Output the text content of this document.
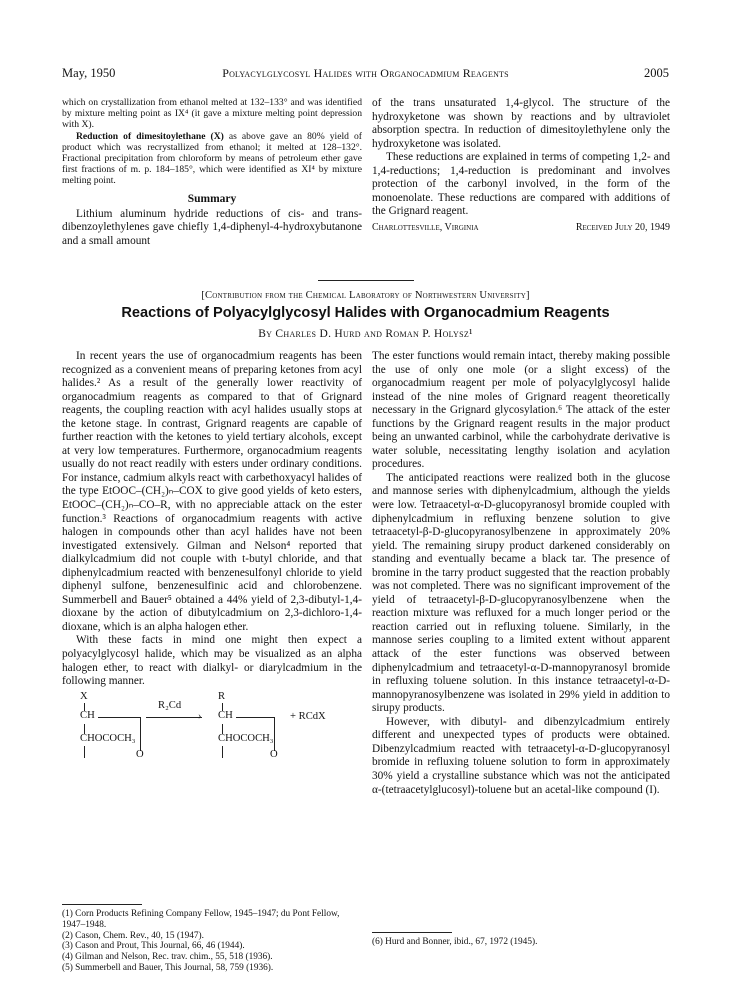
May, 1950	Polyacylglycosyl Halides with Organocadmium Reagents	2005

which on crystallization from ethanol melted at 132–133° and was identified by mixture melting point as IX⁴ (it gave a mixture melting point depression with X).

Reduction of dimesitoylethane (X) as above gave an 80% yield of product which was recrystallized from ethanol; it melted at 128–132°. Fractional precipitation from chloroform by means of petroleum ether gave first fractions of m. p. 184–185°, which were identified as XI⁴ by mixture melting point.

Summary

Lithium aluminum hydride reductions of cis- and trans-dibenzoylethylenes gave chiefly 1,4-diphenyl-4-hydroxybutanone and a small amount

of the trans unsaturated 1,4-glycol. The structure of the hydroxyketone was shown by reactions and by ultraviolet absorption spectra. In reduction of dimesitoylethylene only the hydroxyketone was isolated.

These reductions are explained in terms of competing 1,2- and 1,4-reductions; 1,4-reduction is predominant and involves protection of the carbonyl involved, in the form of the monoenolate. These reductions are compared with additions of the Grignard reagent.

Charlottesville, Virginia	Received July 20, 1949

[Contribution from the Chemical Laboratory of Northwestern University]
Reactions of Polyacylglycosyl Halides with Organocadmium Reagents
By Charles D. Hurd and Roman P. Holysz¹

In recent years the use of organocadmium reagents has been recognized as a convenient means of preparing ketones from acyl halides.² As a result of the generally lower reactivity of organocadmium reagents as compared to that of Grignard reagents, the coupling reaction with acyl halides usually stops at the ketone stage. In contrast, Grignard reagents are capable of further reaction with the ketones to yield tertiary alcohols, except at very low temperatures. Furthermore, organocadmium reagents usually do not react readily with esters under ordinary conditions. For instance, cadmium alkyls react with carbethoxyacyl halides of the type EtOOC–(CH₂)ₙ–COX to give good yields of keto esters, EtOOC–(CH₂)ₙ–CO–R, with no appreciable attack on the ester function.³ Reactions of organocadmium reagents with active halogen in compounds other than acyl halides have not been investigated extensively. Gilman and Nelson⁴ reported that dialkylcadmium did not couple with t-butyl chloride, and that diphenylcadmium reacted with benzenesulfonyl chloride to yield diphenyl sulfone, benzenesulfinic acid and chlorobenzene. Summerbell and Bauer⁵ obtained a 44% yield of 2,3-dibutyl-1,4-dioxane by the action of dibutylcadmium on 2,3-dichloro-1,4-dioxane, which is an alpha halogen ether.

With these facts in mind one might then expect a polyacylglycosyl halide, which may be visualized as an alpha halogen ether, to react with dialkyl- or diarylcadmium in the following manner.

X	R
CH
R₂Cd
› CH	+ RCdX
CHOCOCH₃	CHOCOCH₃
O	O

The ester functions would remain intact, thereby making possible the use of only one mole (or a slight excess) of the organocadmium reagent per mole of polyacylglycosyl halide instead of the nine moles of Grignard reagent theoretically necessary in the Grignard glycosylation.⁶ The attack of the ester functions by the Grignard reagent results in the major product being an unwanted carbinol, while the carbohydrate derivative is water soluble, necessitating lengthy isolation and acylation procedures.

The anticipated reactions were realized both in the glucose and mannose series with diphenylcadmium, although the yields were low. Tetraacetyl-α-D-glucopyranosyl bromide coupled with diphenylcadmium in refluxing benzene solution to give tetraacetyl-β-D-glucopyranosylbenzene in approximately 20% yield. The remaining sirupy product darkened considerably on standing and eventually became a black tar. The presence of bromine in the tarry product suggested that the reaction probably was not completed. There was no significant improvement of the yield of tetraacetyl-β-D-glucopyranosylbenzene when the reaction mixture was refluxed for a much longer period or the reaction carried out in refluxing toluene. Similarly, in the mannose series coupling to a limited extent without apparent attack of the ester functions was observed between diphenylcadmium and tetraacetyl-α-D-mannopyranosyl bromide in refluxing toluene solution. In this instance tetraacetyl-α-D-mannopyranosylbenzene was isolated in 29% yield in addition to sirupy products.

However, with dibutyl- and dibenzylcadmium entirely different and unexpected types of products were obtained. Dibenzylcadmium reacted with tetraacetyl-α-D-glucopyranosyl bromide in refluxing toluene solution to form in approximately 30% yield a crystalline substance which was not the anticipated α-(tetraacetylglucosyl)-toluene but an acetal-like compound (I).

(1) Corn Products Refining Company Fellow, 1945–1947; du Pont Fellow, 1947–1948.

(2) Cason, Chem. Rev., 40, 15 (1947).

(3) Cason and Prout, This Journal, 66, 46 (1944).

(4) Gilman and Nelson, Rec. trav. chim., 55, 518 (1936).

(5) Summerbell and Bauer, This Journal, 58, 759 (1936).

(6) Hurd and Bonner, ibid., 67, 1972 (1945).
